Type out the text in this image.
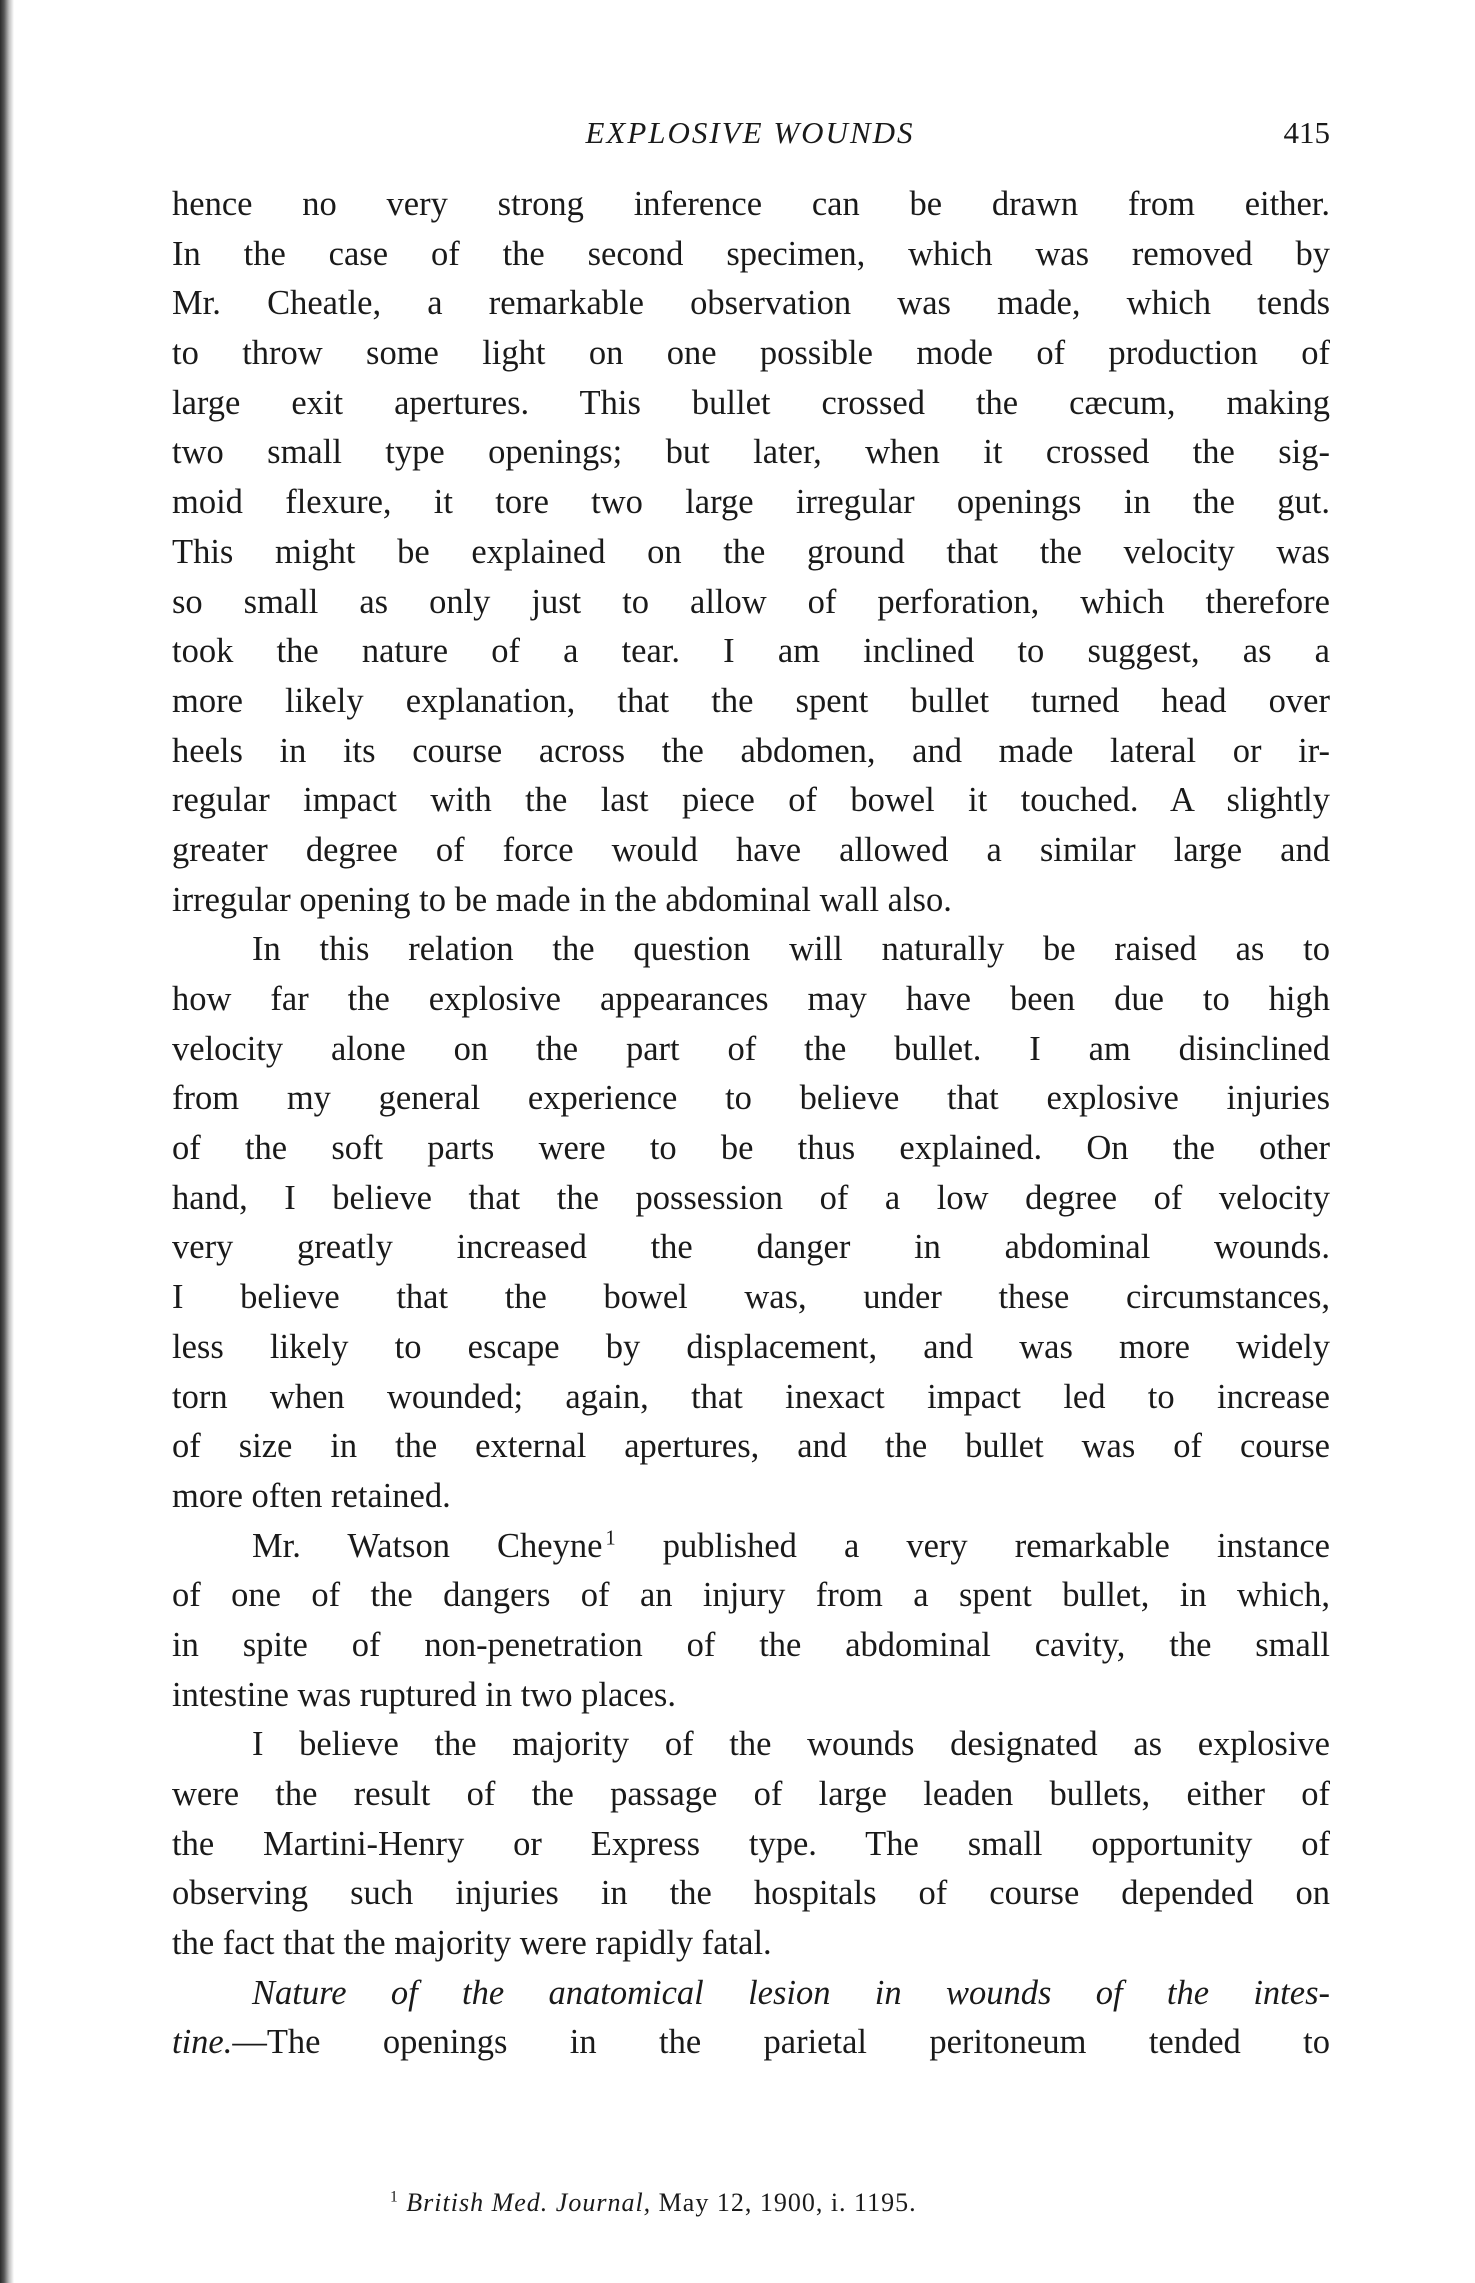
EXPLOSIVE WOUNDS	415

hence no very strong inference can be drawn from either.

In the case of the second specimen, which was removed by

Mr. Cheatle, a remarkable observation was made, which tends

to throw some light on one possible mode of production of

large exit apertures. This bullet crossed the cæcum, making

two small type openings; but later, when it crossed the sig-

moid flexure, it tore two large irregular openings in the gut.

This might be explained on the ground that the velocity was

so small as only just to allow of perforation, which therefore

took the nature of a tear. I am inclined to suggest, as a

more likely explanation, that the spent bullet turned head over

heels in its course across the abdomen, and made lateral or ir-

regular impact with the last piece of bowel it touched. A slightly

greater degree of force would have allowed a similar large and

irregular opening to be made in the abdominal wall also.

In this relation the question will naturally be raised as to

how far the explosive appearances may have been due to high

velocity alone on the part of the bullet. I am disinclined

from my general experience to believe that explosive injuries

of the soft parts were to be thus explained. On the other

hand, I believe that the possession of a low degree of velocity

very greatly increased the danger in abdominal wounds.

I believe that the bowel was, under these circumstances,

less likely to escape by displacement, and was more widely

torn when wounded; again, that inexact impact led to increase

of size in the external apertures, and the bullet was of course

more often retained.

Mr. Watson Cheyne  $^1$ published a very remarkable instance

of one of the dangers of an injury from a spent bullet, in which,

in spite of non-penetration of the abdominal cavity, the small

intestine was ruptured in two places.

I believe the majority of the wounds designated as explosive

were the result of the passage of large leaden bullets, either of

the Martini-Henry or Express type. The small opportunity of

observing such injuries in the hospitals of course depended on

the fact that the majority were rapidly fatal.

Nature of the anatomical lesion in wounds of the intes-

tine.—The openings in the parietal peritoneum tended to

$^1$ British Med. Journal, May 12, 1900, i. 1195.
